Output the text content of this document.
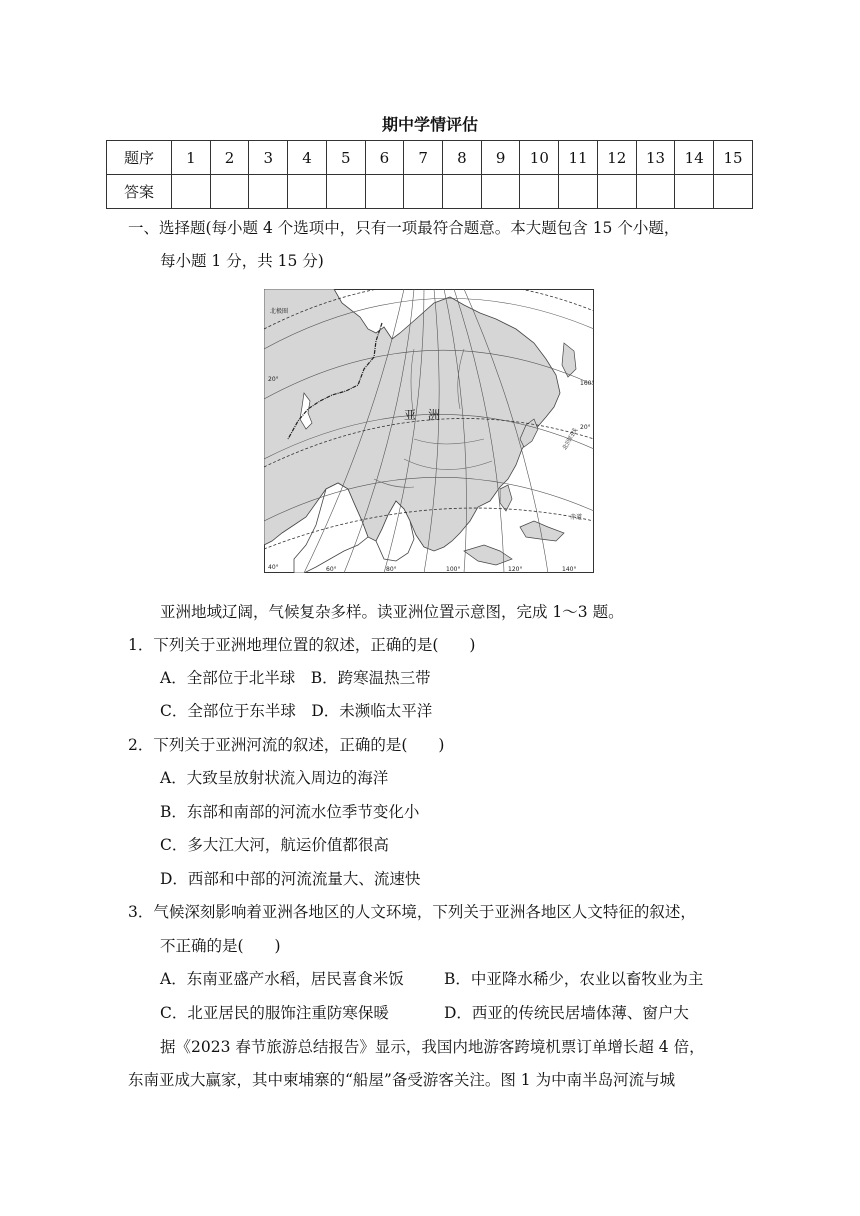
期中学情评估
题序	1	2	3	4	5	6	7	8	9	10	11	12	13	14	15
答案															
一、选择题(每小题 4 个选项中，只有一项最符合题意。本大题包含 15 个小题，
每小题 1 分，共 15 分)
亚　洲
北极圈
北回归线
赤道
40°	60°	80°	100°	120°	140°
160°
20°
20°
亚洲地域辽阔，气候复杂多样。读亚洲位置示意图，完成 1～3 题。
1．下列关于亚洲地理位置的叙述，正确的是(　　)
A．全部位于北半球　B．跨寒温热三带
C．全部位于东半球　D．未濒临太平洋
2．下列关于亚洲河流的叙述，正确的是(　　)
A．大致呈放射状流入周边的海洋
B．东部和南部的河流水位季节变化小
C．多大江大河，航运价值都很高
D．西部和中部的河流流量大、流速快
3．气候深刻影响着亚洲各地区的人文环境，下列关于亚洲各地区人文特征的叙述，
不正确的是(　　)
A．东南亚盛产水稻，居民喜食米饭	B．中亚降水稀少，农业以畜牧业为主
C．北亚居民的服饰注重防寒保暖	D．西亚的传统民居墙体薄、窗户大
据《2023 春节旅游总结报告》显示，我国内地游客跨境机票订单增长超 4 倍，
东南亚成大赢家，其中柬埔寨的“船屋”备受游客关注。图 1 为中南半岛河流与城
